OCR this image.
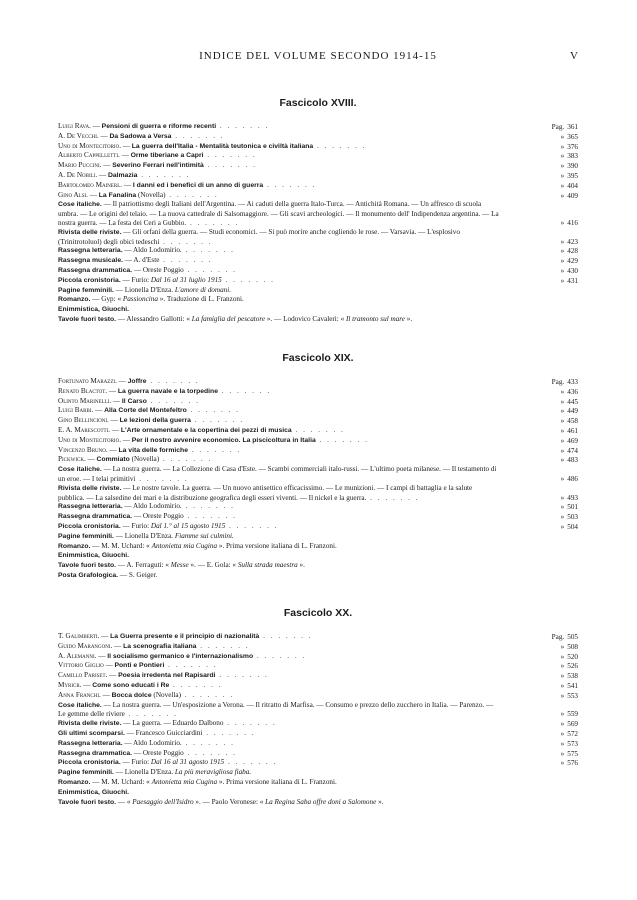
INDICE DEL VOLUME SECONDO 1914-15	V
Fascicolo XVIII.
Luigi Rava. — Pensioni di guerra e riforme recenti . . . . . . .	Pag. 361
A. De Vecchi. — Da Sadowa a Versa . . . . . . .	» 365
Uno di Montecitorio. — La guerra dell'Italia - Mentalità teutonica e civiltà italiana . . . . . . .	» 376
Alberto Cappelletti. — Orme tiberiane a Capri . . . . . . .	» 383
Mario Puccini. — Severino Ferrari nell'intimità . . . . . . .	» 390
A. De Nobili. — Dalmazia . . . . . . .	» 395
Bartolomeo Mainerl. — I danni ed i benefici di un anno di guerra . . . . . . .	» 404
Gino Alsi. — La Fanalina (Novella) . . . . . . .	» 409
Cose italiche. — Il patriottismo degli Italiani dell'Argentina. — Ai caduti della guerra Italo-Turca. — Antichità Romana. — Un affresco di scuola umbra. — Le origini del telaio. — La nuova cattedrale di Salsomaggiore. — Gli scavi archeologici. — Il monumento dell' Indipendenza argentina. — La nostra guerra. — La festa dei Ceri a Gubbio. . . . . . . .	» 416
Rivista delle riviste. — Gli orfani della guerra. — Studi economici. — Si può morire anche cogliendo le rose. — Varsavia. — L'esplosivo (Trinitrotoluol) degli obici tedeschi . . . . . . .	» 423
Rassegna letteraria. — Aldo Lodomirio. . . . . . . .	» 428
Rassegna musicale. — A. d'Este . . . . . . .	» 429
Rassegna drammatica. — Oreste Poggio . . . . . . .	» 430
Piccola cronistoria. — Furio: Dal 16 al 31 luglio 1915 . . . . . . .	» 431
Pagine femminili. — Lionella D'Enza. L'amore di domani.
Romanzo. — Gyp: « Passioncina ». Traduzione di L. Franzoni.
Enimmistica, Giuochi.
Tavole fuori testo. — Alessandro Gallotti: « La famiglia del pescatore ». — Lodovico Cavaleri: « Il tramonto sul mare ».
Fascicolo XIX.
Fortunato Marazzi. — Joffre . . . . . . .	Pag. 433
Renato Blactot. — La guerra navale e la torpedine . . . . . . .	» 436
Olinto Marinelli. — Il Carso . . . . . . .	» 445
Luigi Barbi. — Alla Corte del Montefeltro . . . . . . .	» 449
Gino Bellincioni. — Le lezioni della guerra . . . . . . .	» 458
E. A. Marescotti. — L'Arte ornamentale e la copertina dei pezzi di musica . . . . . . .	» 461
Uno di Montecitorio. — Per il nostro avvenire economico. La piscicoltura in Italia . . . . . . .	» 469
Vincenzo Bruno. — La vita delle formiche . . . . . . .	» 474
Pickwick. — Commiato (Novella) . . . . . . .	» 483
Cose italiche. — La nostra guerra. — La Collezione di Casa d'Este. — Scambi commerciali italo-russi. — L'ultimo poeta milanese. — Il testamento di un eroe. — I telai primitivi . . . . . . .	» 486
Rivista delle riviste. — Le nostre tavole. La guerra. — Un nuovo antisettico efficacissimo. — Le munizioni. — I campi di battaglia e la salute pubblica. — La salsedine dei mari e la distribuzione geografica degli esseri viventi. — Il nickel e la guerra. . . . . . . .	» 493
Rassegna letteraria. — Aldo Lodomirio. . . . . . . .	» 501
Rassegna drammatica. — Oreste Poggio . . . . . . .	» 503
Piccola cronistoria. — Furio: Dal 1.° al 15 agosto 1915 . . . . . . .	» 504
Pagine femminili. — Lionella D'Enza. Fiamme sui culmini.
Romanzo. — M. M. Uchard: « Antonietta mia Cugina ». Prima versione italiana di L. Franzoni.
Enimmistica, Giuochi.
Tavole fuori testo. — A. Ferraguti: « Messe ». — E. Gola: « Sulla strada maestra ».
Posta Grafologica. — S. Geiger.
Fascicolo XX.
T. Galimberti. — La Guerra presente e il principio di nazionalità . . . . . . .	Pag. 505
Guido Marangoni. — La scenografia italiana . . . . . . .	» 508
A. Alemanni. — Il socialismo germanico e l'internazionalismo . . . . . . .	» 520
Vittorio Giglio — Ponti e Pontieri . . . . . . .	» 526
Camillo Pariset. — Poesia irredenta nel Rapisardi . . . . . . .	» 538
Myricr. — Come sono educati i Re . . . . . . .	» 541
Anna Franchi. — Bocca dolce (Novella) . . . . . . .	» 553
Cose italiche. — La nostra guerra. — Un'esposizione a Verona. — Il ritratto di Marfisa. — Consumo e prezzo dello zucchero in Italia. — Parenzo. — Le gemme delle riviere . . . . . . .	» 559
Rivista delle riviste. — La guerra. — Eduardo Dalbono . . . . . . .	» 569
Gli ultimi scomparsi. — Francesco Guicciardini . . . . . . .	» 572
Rassegna letteraria. — Aldo Lodomirio. . . . . . . .	» 573
Rassegna drammatica. — Oreste Poggio . . . . . . .	» 575
Piccola cronistoria. — Furio: Dal 16 al 31 agosto 1915 . . . . . . .	» 576
Pagine femminili. — Lionella D'Enza. La più meravigliosa fiaba.
Romanzo. — M. M. Uchard: « Antonietta mia Cugina ». Prima versione italiana di L. Franzoni.
Enimmistica, Giuochi.
Tavole fuori testo. — « Paesaggio dell'Isidro ». — Paolo Veronese: « La Regina Saba offre doni a Salomone ».
